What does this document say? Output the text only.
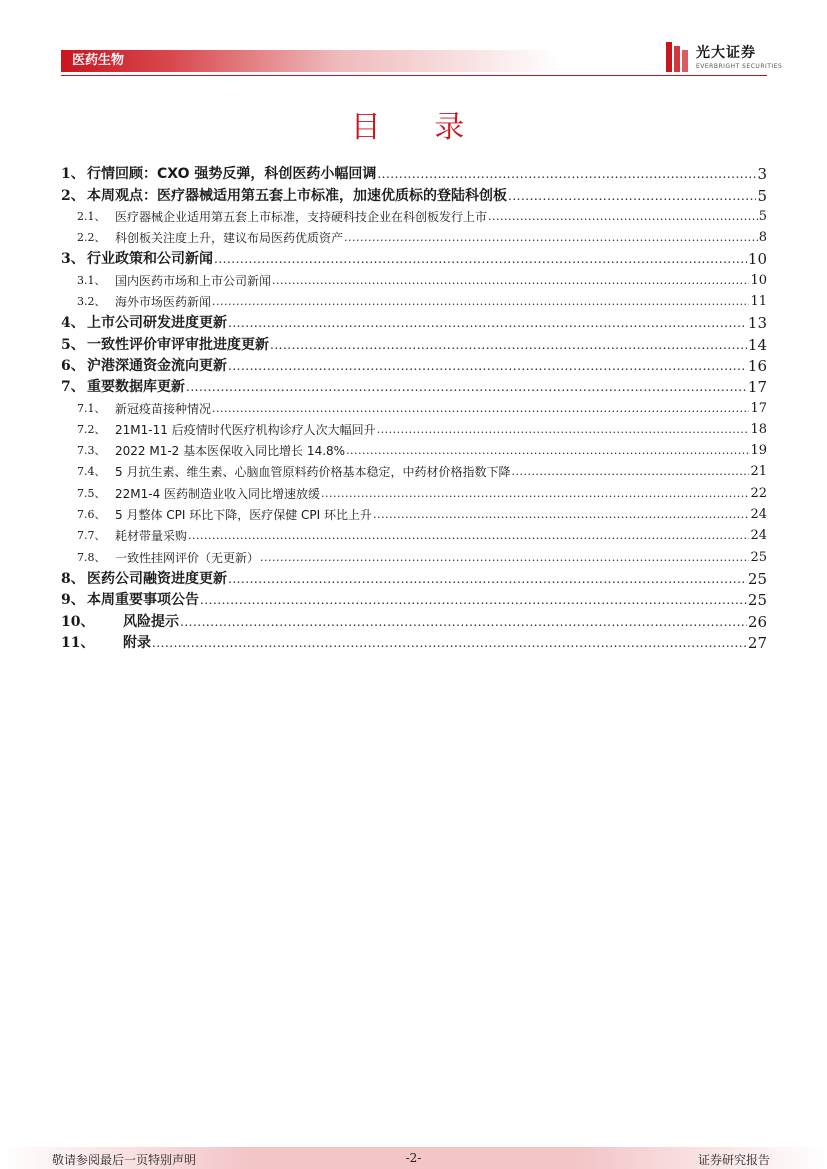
医药生物	光大证券
EVERBRIGHT SECURITIES
目 录
1、 行情回顾：CXO 强势反弹，科创医药小幅回调 .....	3
2、 本周观点：医疗器械适用第五套上市标准，加速优质标的登陆科创板 .....	5
2.1、 医疗器械企业适用第五套上市标准，支持硬科技企业在科创板发行上市 .....	5
2.2、 科创板关注度上升，建议布局医药优质资产 .....	8
3、 行业政策和公司新闻 .....	10
3.1、 国内医药市场和上市公司新闻 .....	10
3.2、 海外市场医药新闻 .....	11
4、 上市公司研发进度更新 .....	13
5、 一致性评价审评审批进度更新 .....	14
6、 沪港深通资金流向更新 .....	16
7、 重要数据库更新 .....	17
7.1、 新冠疫苗接种情况 .....	17
7.2、 21M1-11 后疫情时代医疗机构诊疗人次大幅回升 .....	18
7.3、 2022 M1-2 基本医保收入同比增长 14.8% .....	19
7.4、 5 月抗生素、维生素、心脑血管原料药价格基本稳定，中药材价格指数下降 .....	21
7.5、 22M1-4 医药制造业收入同比增速放缓 .....	22
7.6、 5 月整体 CPI 环比下降，医疗保健 CPI 环比上升 .....	24
7.7、 耗材带量采购 .....	24
7.8、 一致性挂网评价（无更新） .....	25
8、 医药公司融资进度更新 .....	25
9、 本周重要事项公告 .....	25
10、	风险提示 .....	26
11、	附录 .....	27
敬请参阅最后一页特别声明	-2-	证券研究报告
